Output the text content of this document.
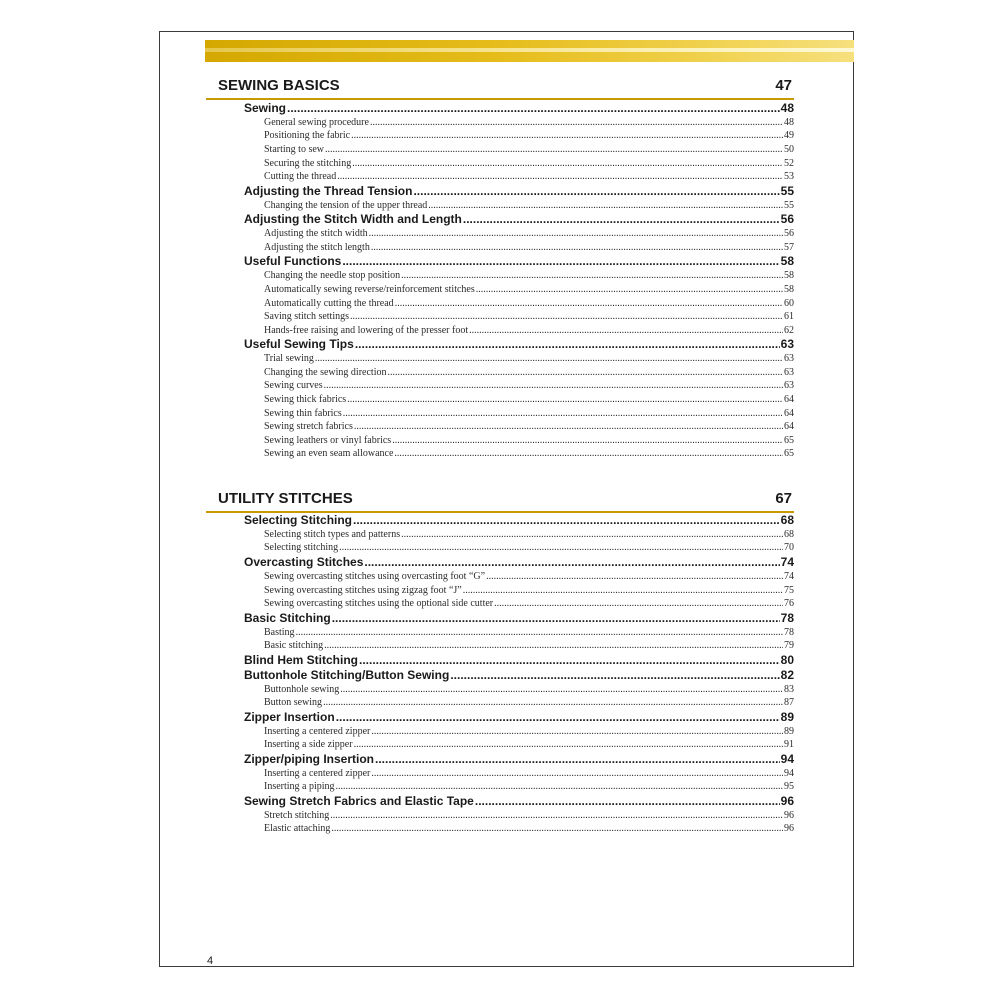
SEWING BASICS	47
Sewing .....	48
General sewing procedure .....	48
Positioning the fabric .....	49
Starting to sew .....	50
Securing the stitching .....	52
Cutting the thread .....	53
Adjusting the Thread Tension .....	55
Changing the tension of the upper thread .....	55
Adjusting the Stitch Width and Length .....	56
Adjusting the stitch width .....	56
Adjusting the stitch length .....	57
Useful Functions .....	58
Changing the needle stop position .....	58
Automatically sewing reverse/reinforcement stitches .....	58
Automatically cutting the thread .....	60
Saving stitch settings .....	61
Hands-free raising and lowering of the presser foot .....	62
Useful Sewing Tips .....	63
Trial sewing .....	63
Changing the sewing direction .....	63
Sewing curves .....	63
Sewing thick fabrics .....	64
Sewing thin fabrics .....	64
Sewing stretch fabrics .....	64
Sewing leathers or vinyl fabrics .....	65
Sewing an even seam allowance .....	65
UTILITY STITCHES	67
Selecting Stitching .....	68
Selecting stitch types and patterns .....	68
Selecting stitching .....	70
Overcasting Stitches .....	74
Sewing overcasting stitches using overcasting foot “G” .....	74
Sewing overcasting stitches using zigzag foot “J” .....	75
Sewing overcasting stitches using the optional side cutter .....	76
Basic Stitching .....	78
Basting .....	78
Basic stitching .....	79
Blind Hem Stitching .....	80
Buttonhole Stitching/Button Sewing .....	82
Buttonhole sewing .....	83
Button sewing .....	87
Zipper Insertion .....	89
Inserting a centered zipper .....	89
Inserting a side zipper .....	91
Zipper/piping Insertion .....	94
Inserting a centered zipper .....	94
Inserting a piping .....	95
Sewing Stretch Fabrics and Elastic Tape .....	96
Stretch stitching .....	96
Elastic attaching .....	96
4
